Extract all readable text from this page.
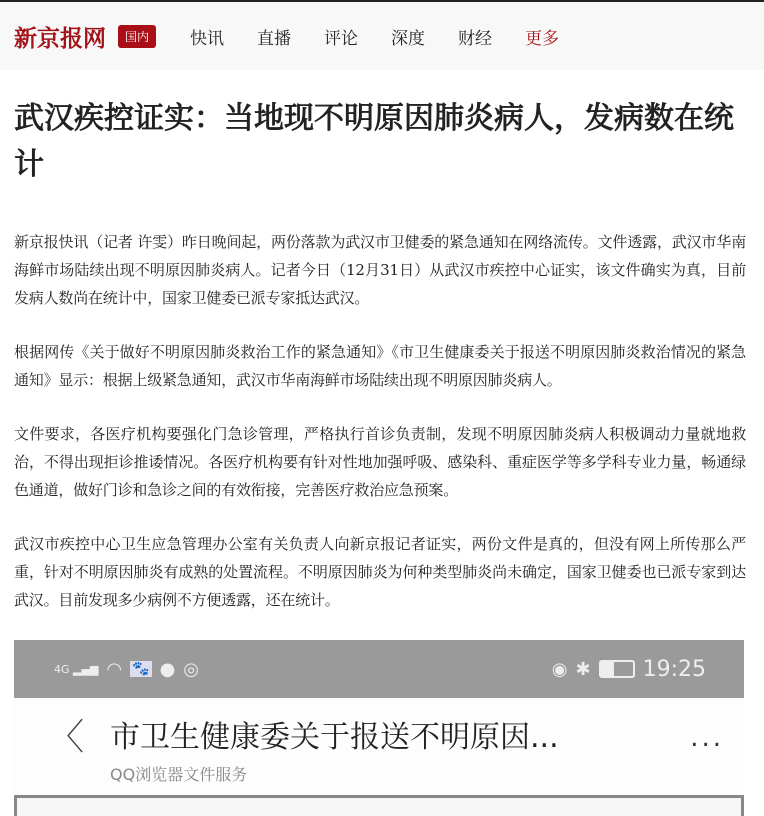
新京报网	国内	快讯 直播 评论 深度 财经 更多
武汉疾控证实：当地现不明原因肺炎病人，发病数在统计

新京报快讯（记者 许雯）昨日晚间起，两份落款为武汉市卫健委的紧急通知在网络流传。文件透露，武汉市华南海鲜市场陆续出现不明原因肺炎病人。记者今日（12月31日）从武汉市疾控中心证实，该文件确实为真，目前发病人数尚在统计中，国家卫健委已派专家抵达武汉。

根据网传《关于做好不明原因肺炎救治工作的紧急通知》《市卫生健康委关于报送不明原因肺炎救治情况的紧急通知》显示：根据上级紧急通知，武汉市华南海鲜市场陆续出现不明原因肺炎病人。

文件要求，各医疗机构要强化门急诊管理，严格执行首诊负责制，发现不明原因肺炎病人积极调动力量就地救治，不得出现拒诊推诿情况。各医疗机构要有针对性地加强呼吸、感染科、重症医学等多学科专业力量，畅通绿色通道，做好门诊和急诊之间的有效衔接，完善医疗救治应急预案。

武汉市疾控中心卫生应急管理办公室有关负责人向新京报记者证实，两份文件是真的，但没有网上所传那么严重，针对不明原因肺炎有成熟的处置流程。不明原因肺炎为何种类型肺炎尚未确定，国家卫健委也已派专家到达武汉。目前发现多少病例不方便透露，还在统计。

4G ▂▄▆ ◠ 🐾 ● ◎	◉ ✱ 19:25
〈 市卫生健康委关于报送不明原因...
QQ浏览器文件服务
...
